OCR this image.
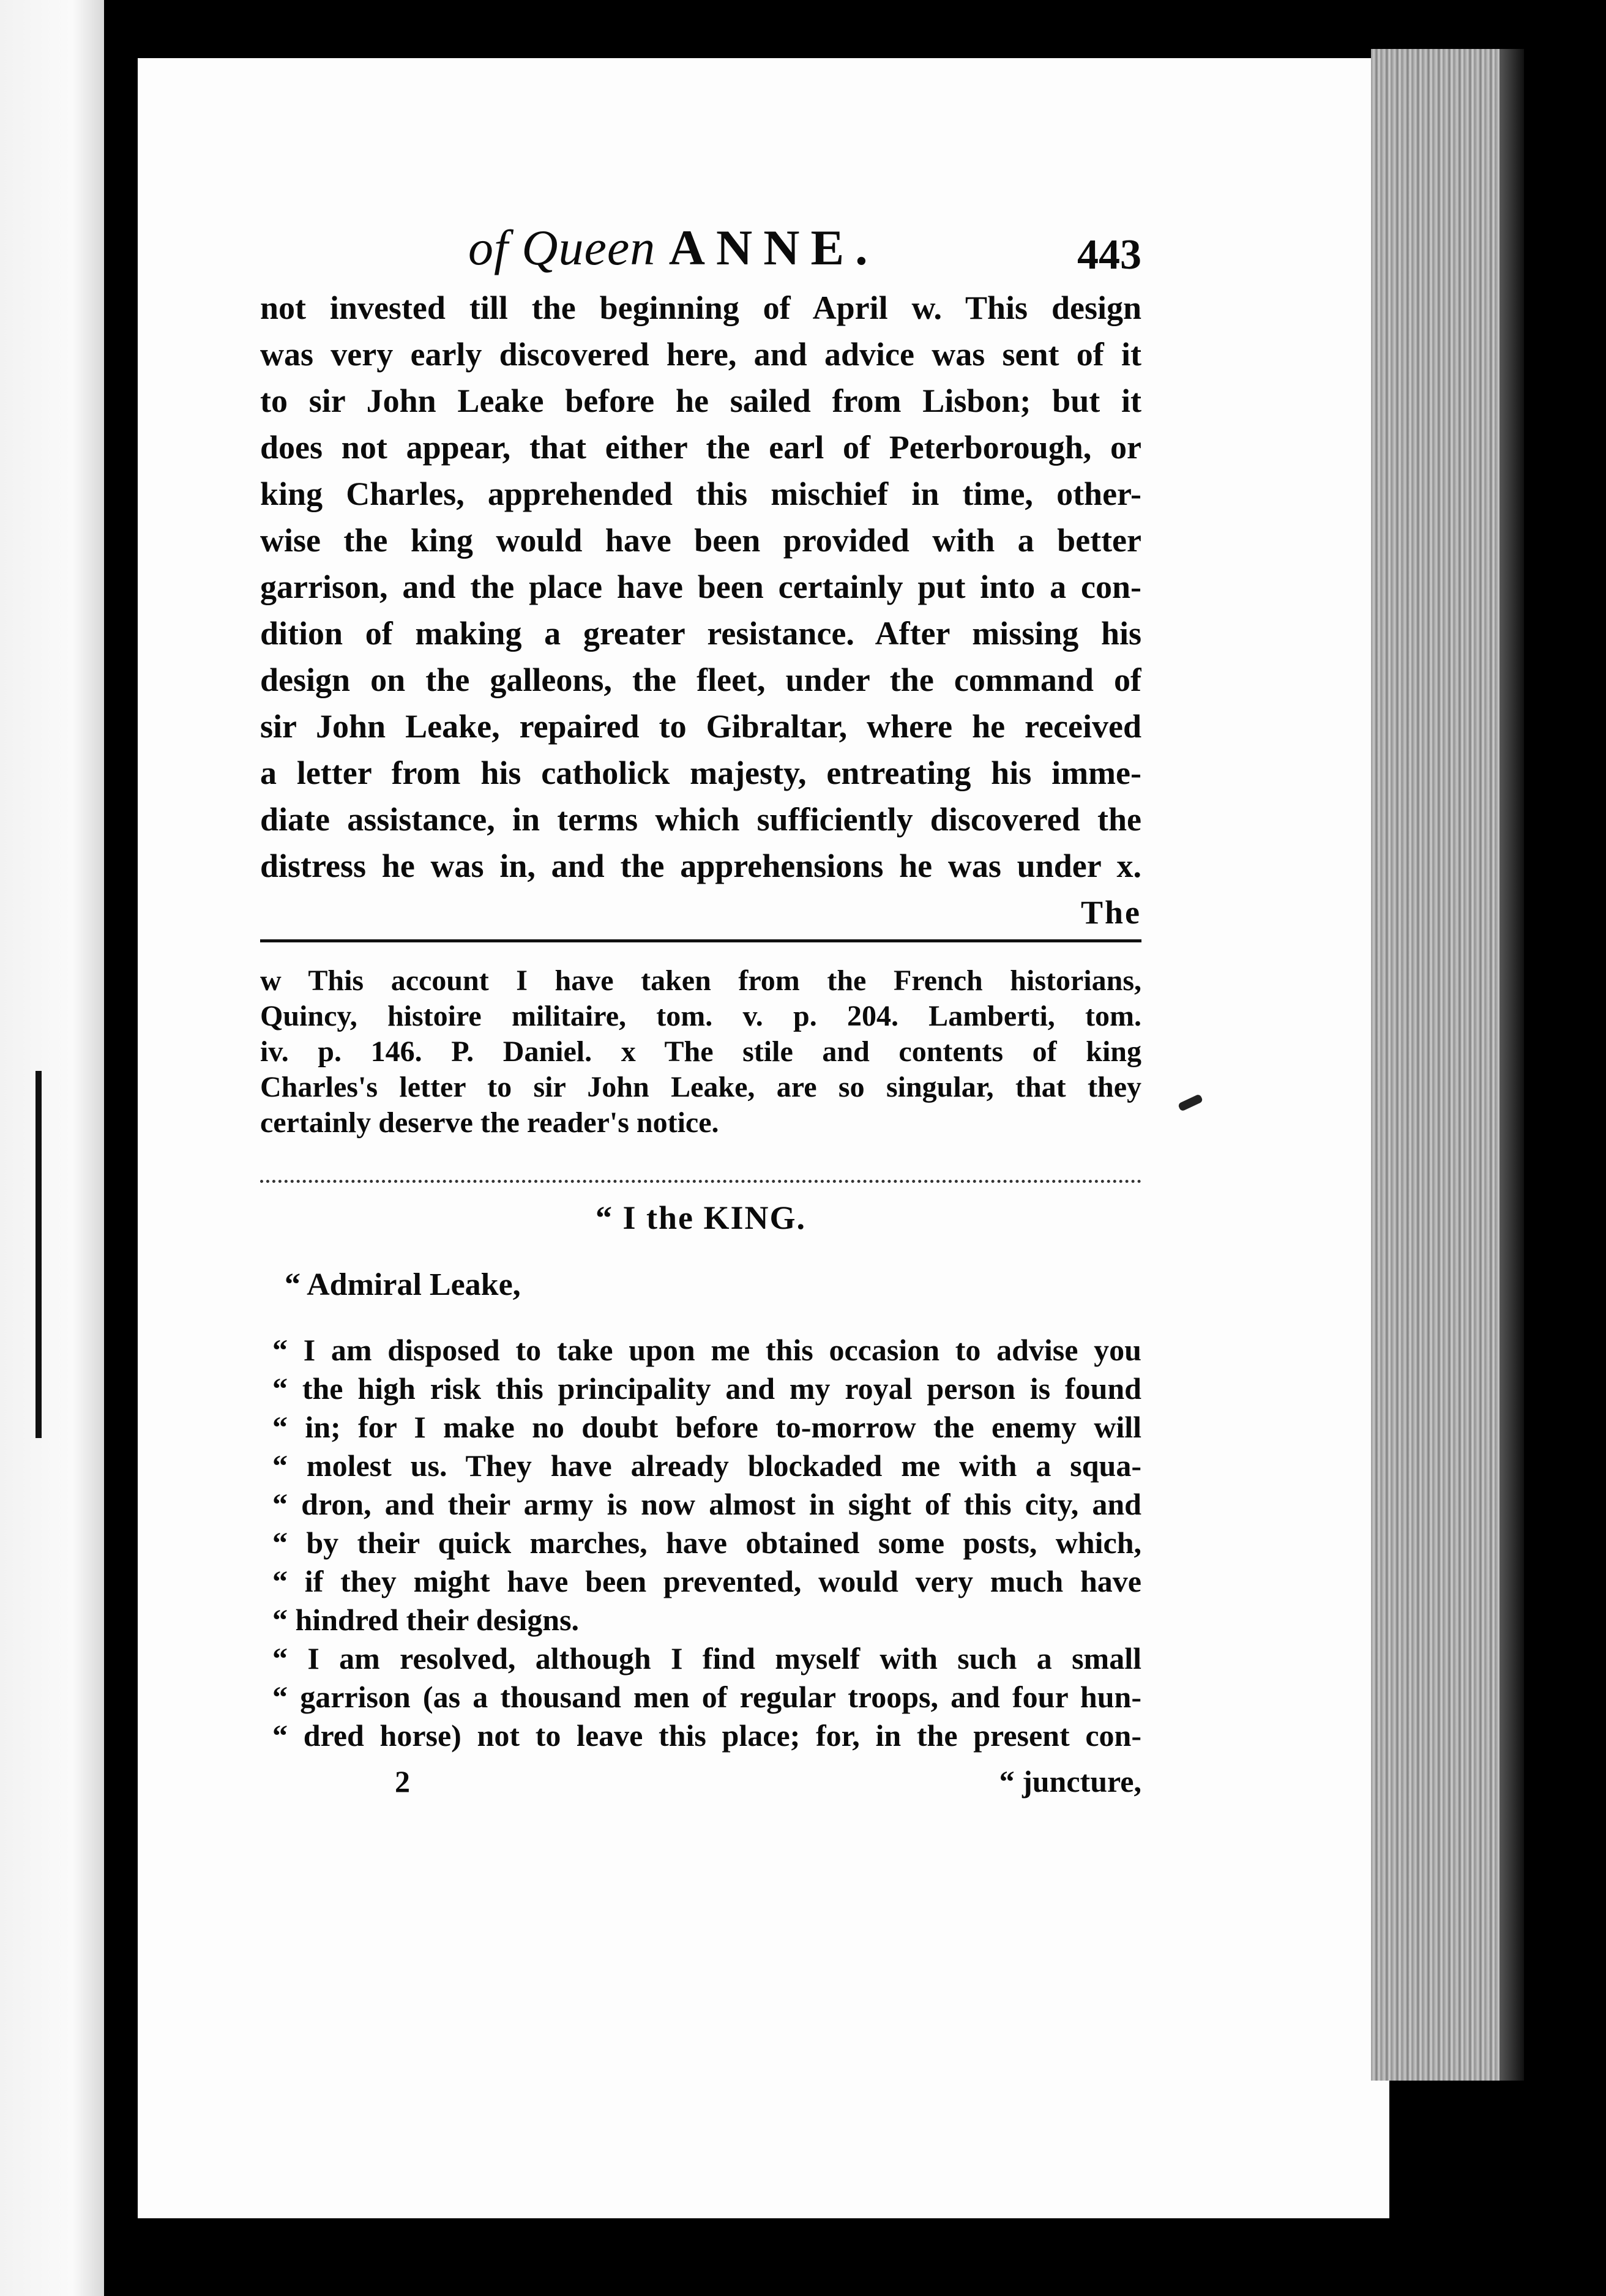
of Queen ANNE.	443
not invested till the beginning of April w. This design
was very early discovered here, and advice was sent of it
to sir John Leake before he sailed from Lisbon; but it
does not appear, that either the earl of Peterborough, or
king Charles, apprehended this mischief in time, other-
wise the king would have been provided with a better
garrison, and the place have been certainly put into a con-
dition of making a greater resistance. After missing his
design on the galleons, the fleet, under the command of
sir John Leake, repaired to Gibraltar, where he received
a letter from his catholick majesty, entreating his imme-
diate assistance, in terms which sufficiently discovered the
distress he was in, and the apprehensions he was under x.
The
w This account I have taken from the French historians,
Quincy, histoire militaire, tom. v. p. 204. Lamberti, tom.
iv. p. 146. P. Daniel. x The stile and contents of king
Charles's letter to sir John Leake, are so singular, that they
certainly deserve the reader's notice.
“ I the KING.
“ Admiral Leake,
“ I am disposed to take upon me this occasion to advise you
“ the high risk this principality and my royal person is found
“ in; for I make no doubt before to-morrow the enemy will
“ molest us. They have already blockaded me with a squa-
“ dron, and their army is now almost in sight of this city, and
“ by their quick marches, have obtained some posts, which,
“ if they might have been prevented, would very much have
“ hindred their designs.
“ I am resolved, although I find myself with such a small
“ garrison (as a thousand men of regular troops, and four hun-
“ dred horse) not to leave this place; for, in the present con-
2	“ juncture,
